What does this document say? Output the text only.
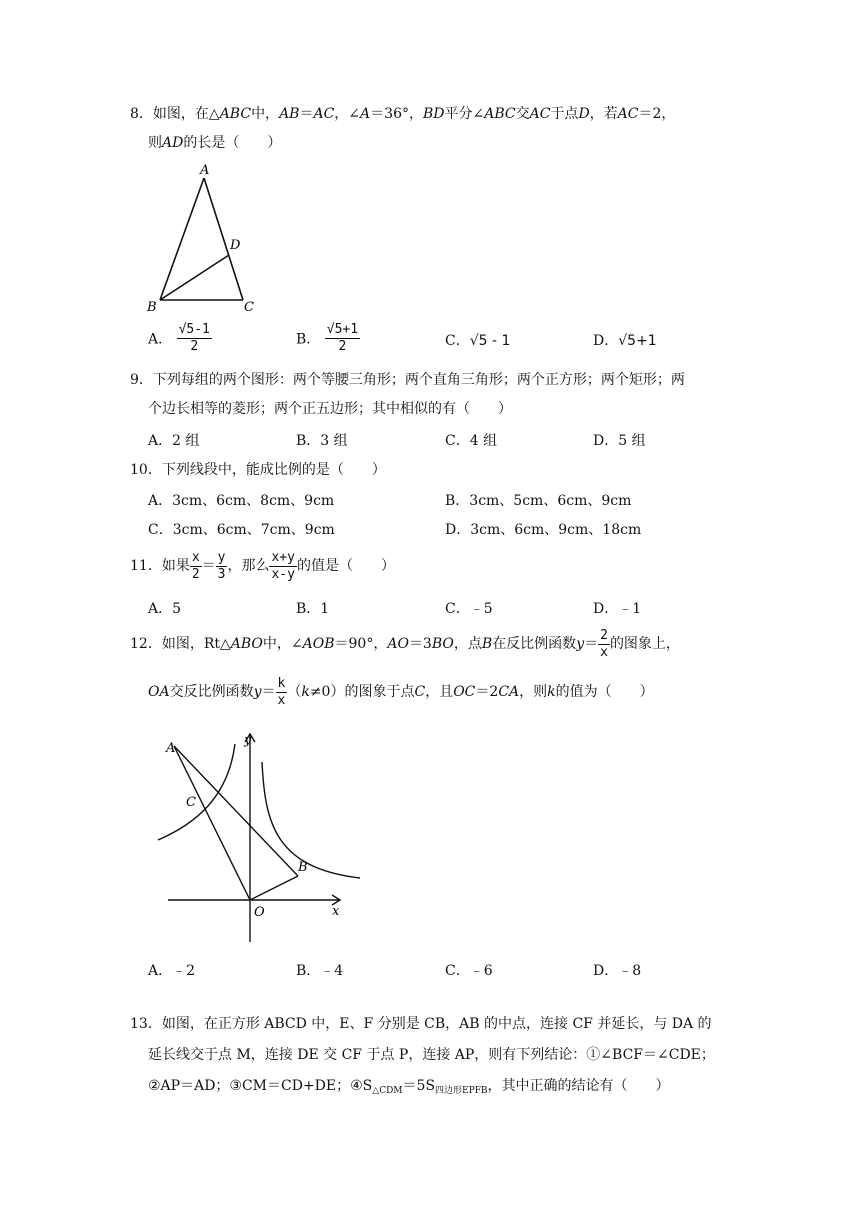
8．如图，在△ABC中，AB＝AC，∠A＝36°，BD平分∠ABC交AC于点D，若AC＝2，
则AD的长是（　　）
A
B	C
D
A． $\frac{√5-1}{2}$	B． $\frac{√5+1}{2}$	C．√5 - 1	D．√5+1
9．下列每组的两个图形：两个等腰三角形；两个直角三角形；两个正方形；两个矩形；两
个边长相等的菱形；两个正五边形；其中相似的有（　　）
A．2 组	B．3 组	C．4 组	D．5 组
10．下列线段中，能成比例的是（　　）
A．3cm、6cm、8cm、9cm	B．3cm、5cm、6cm、9cm
C．3cm、6cm、7cm、9cm	D．3cm、6cm、9cm、18cm
11．如果 $\frac{x}{2} = \frac{y}{3}$ ，那么 $\frac{x+y}{x-y}$ 的值是（　　）
A．5	B．1	C．﹣5	D．﹣1
12．如图，Rt△ABO中，∠AOB＝90°，AO＝3BO，点B在反比例函数$y= \frac{2}{x}$ 的图象上，
OA交反比例函数$y= \frac{k}{x} (k\ne 0)$的图象于点C，且OC＝2CA，则k的值为（　　）
A
C
B
O	x
y
A．﹣2	B．﹣4	C．﹣6	D．﹣8
13．如图，在正方形 ABCD 中，E、F 分别是 CB，AB 的中点，连接 CF 并延长，与 DA 的
延长线交于点 M，连接 DE 交 CF 于点 P，连接 AP，则有下列结论：①∠BCF＝∠CDE；
②AP＝AD；③CM＝CD+DE；$④S_{\triangle CDM}=5S_{四边形EPFB}$，其中正确的结论有（　　）
